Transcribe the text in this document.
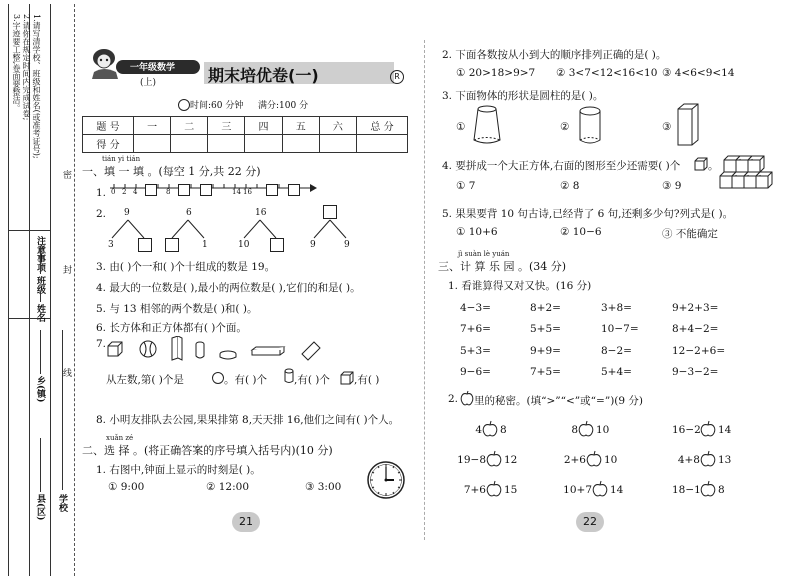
1.请写清学校、班级和姓名(或准考证号);
2.请你在规定时间内完成试卷;
3.字迹要工整,卷面要整洁。
注意事项
班级
姓名
县(区)
乡(镇)
学校
密
封
线
一年级数学
(上)	期末培优卷(一)	R
时间:60 分钟 满分:100 分
题 号	一	二	三	四	五	六	总 分
得 分							
tián yi tián
一、填 一 填 。(每空 1 分,共 22 分)
1. 0 2 4	8	14 16
2. 9	6	16
3	1	10	9	9
3. 由( )个一和( )个十组成的数是 19。
4. 最大的一位数是( ),最小的两位数是( ),它们的和是( )。
5. 与 13 相邻的两个数是( )和( )。
6. 长方体和正方体都有( )个面。
7.
从左数,第( )个是	。有( )个	,有( )个 ,有( )
8. 小明友排队去公园,果果排第 8,天天排 16,他们之间有( )个人。
xuǎn zé
二、选 择 。(将正确答案的序号填入括号内)(10 分)
1. 右图中,钟面上显示的时刻是( )。
① 9:00	② 12:00	③ 3:00
21
2. 下面各数按从小到大的顺序排列正确的是( )。
① 20>18>9>7 ② 3<7<12<16<10 ③ 4<6<9<14
3. 下面物体的形状是圆柱的是( )。
①	②	③
4. 要拼成一个大正方体,右面的图形至少还需要( )个	。
① 7	② 8	③ 9
5. 果果要背 10 句古诗,已经背了 6 句,还剩多少句?列式是( )。
① 10+6	② 10−6	③ 不能确定
jì suàn lè yuán
三、计 算 乐 园 。(34 分)
1. 看谁算得又对又快。(16 分)
4−3=	8+2=	3+8=	9+2+3=
7+6=	5+5=	10−7=	8+4−2=
5+3=	9+9=	8−2=	12−2+6=
9−6=	7+5=	5+4=	9−3−2=
2. 里的秘密。(填“>”“<”或“=”)(9 分)
4 8	8 10	16−2 14
19−8 12	2+6 10	4+8 13
7+6 15	10+7 14	18−1 8
22
